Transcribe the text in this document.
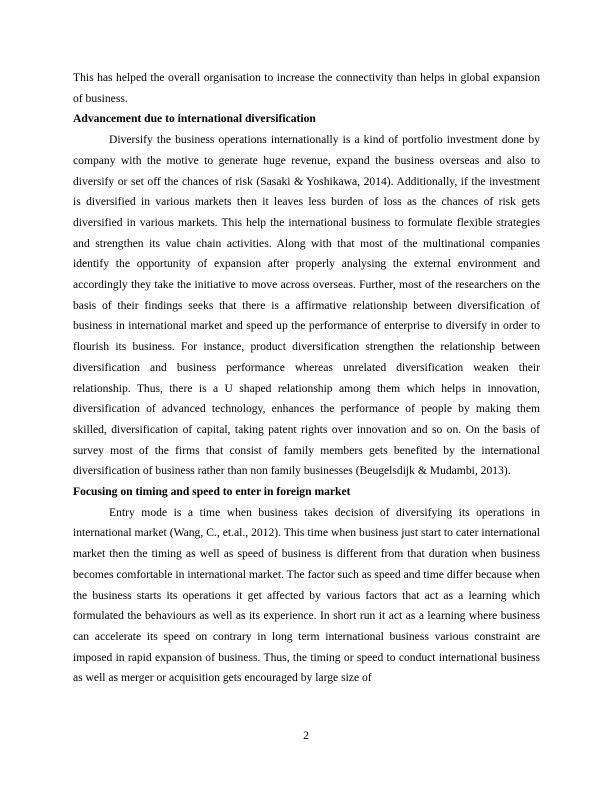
This has helped the overall organisation to increase the connectivity than helps in global expansion of business.

Advancement due to international diversification

Diversify the business operations internationally is a kind of portfolio investment done by company with the motive to generate huge revenue, expand the business overseas and also to diversify or set off the chances of risk (Sasaki & Yoshikawa, 2014). Additionally, if the investment is diversified in various markets then it leaves less burden of loss as the chances of risk gets diversified in various markets. This help the international business to formulate flexible strategies and strengthen its value chain activities. Along with that most of the multinational companies identify the opportunity of expansion after properly analysing the external environment and accordingly they take the initiative to move across overseas. Further, most of the researchers on the basis of their findings seeks that there is a affirmative relationship between diversification of business in international market and speed up the performance of enterprise to diversify in order to flourish its business. For instance, product diversification strengthen the relationship between diversification and business performance whereas unrelated diversification weaken their relationship. Thus, there is a U shaped relationship among them which helps in innovation, diversification of advanced technology, enhances the performance of people by making them skilled, diversification of capital, taking patent rights over innovation and so on. On the basis of survey most of the firms that consist of family members gets benefited by the international diversification of business rather than non family businesses (Beugelsdijk & Mudambi, 2013).

Focusing on timing and speed to enter in foreign market

Entry mode is a time when business takes decision of diversifying its operations in international market (Wang, C., et.al., 2012). This time when business just start to cater international market then the timing as well as speed of business is different from that duration when business becomes comfortable in international market. The factor such as speed and time differ because when the business starts its operations it get affected by various factors that act as a learning which formulated the behaviours as well as its experience. In short run it act as a learning where business can accelerate its speed on contrary in long term international business various constraint are imposed in rapid expansion of business. Thus, the timing or speed to conduct international business as well as merger or acquisition gets encouraged by large size of

2
